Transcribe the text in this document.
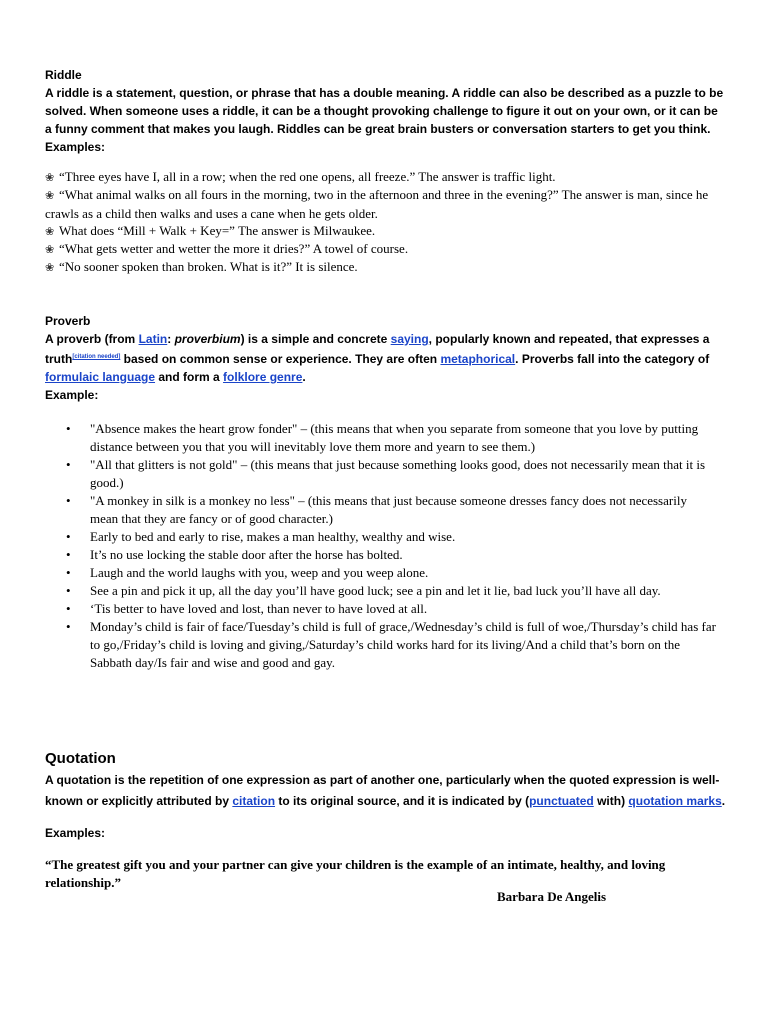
Riddle
A riddle is a statement, question, or phrase that has a double meaning. A riddle can also be described as a puzzle to be solved. When someone uses a riddle, it can be a thought provoking challenge to figure it out on your own, or it can be a funny comment that makes you laugh. Riddles can be great brain busters or conversation starters to get you think.
Examples:
❀ “Three eyes have I, all in a row; when the red one opens, all freeze.” The answer is traffic light.
❀ “What animal walks on all fours in the morning, two in the afternoon and three in the evening?” The answer is man, since he crawls as a child then walks and uses a cane when he gets older.
❀ What does “Mill + Walk + Key=” The answer is Milwaukee.
❀ “What gets wetter and wetter the more it dries?” A towel of course.
❀ “No sooner spoken than broken. What is it?” It is silence.
Proverb
A proverb (from Latin: proverbium) is a simple and concrete saying, popularly known and repeated, that expresses a truth[citation needed] based on common sense or experience. They are often metaphorical. Proverbs fall into the category of formulaic language and form a folklore genre.
Example:
• "Absence makes the heart grow fonder" – (this means that when you separate from someone that you love by putting distance between you that you will inevitably love them more and yearn to see them.)
• "All that glitters is not gold" – (this means that just because something looks good, does not necessarily mean that it is good.)
• "A monkey in silk is a monkey no less" – (this means that just because someone dresses fancy does not necessarily mean that they are fancy or of good character.)
• Early to bed and early to rise, makes a man healthy, wealthy and wise.
• It’s no use locking the stable door after the horse has bolted.
• Laugh and the world laughs with you, weep and you weep alone.
• See a pin and pick it up, all the day you’ll have good luck; see a pin and let it lie, bad luck you’ll have all day.
• ‘Tis better to have loved and lost, than never to have loved at all.
• Monday’s child is fair of face/Tuesday’s child is full of grace,/Wednesday’s child is full of woe,/Thursday’s child has far to go,/Friday’s child is loving and giving,/Saturday’s child works hard for its living/And a child that’s born on the Sabbath day/Is fair and wise and good and gay.
Quotation
A quotation is the repetition of one expression as part of another one, particularly when the quoted expression is well-known or explicitly attributed by citation to its original source, and it is indicated by (punctuated with) quotation marks.
Examples:
“The greatest gift you and your partner can give your children is the example of an intimate, healthy, and loving relationship.”
Barbara De Angelis
